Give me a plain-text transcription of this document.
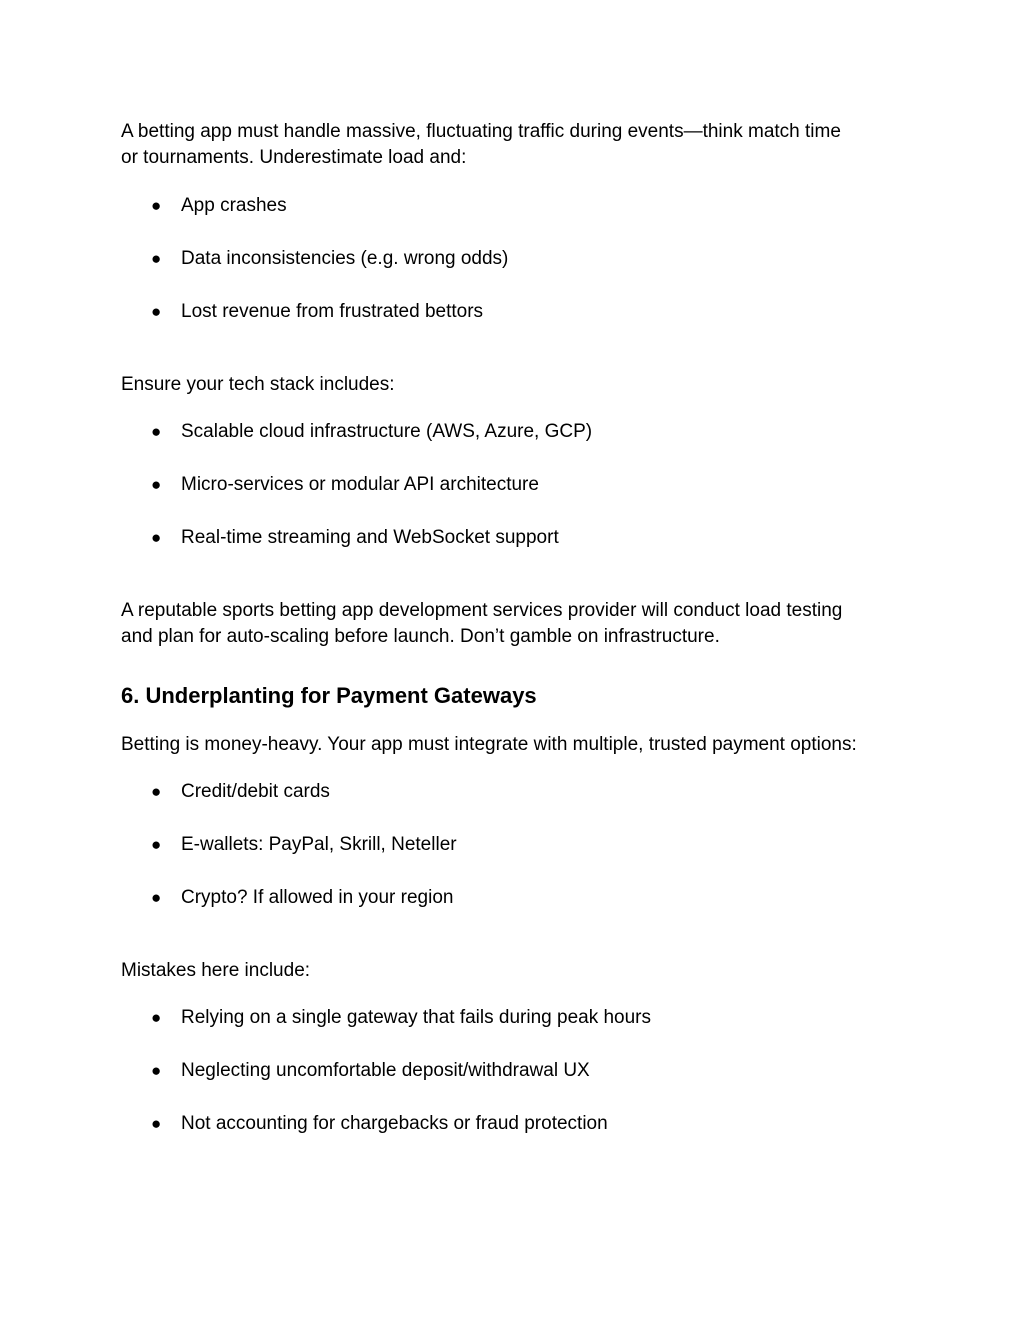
A betting app must handle massive, fluctuating traffic during events—think match time
or tournaments. Underestimate load and:

● App crashes
● Data inconsistencies (e.g. wrong odds)
● Lost revenue from frustrated bettors

Ensure your tech stack includes:

● Scalable cloud infrastructure (AWS, Azure, GCP)
● Micro-services or modular API architecture
● Real-time streaming and WebSocket support

A reputable sports betting app development services provider will conduct load testing
and plan for auto-scaling before launch. Don’t gamble on infrastructure.

6. Underplanting for Payment Gateways

Betting is money-heavy. Your app must integrate with multiple, trusted payment options:

● Credit/debit cards
● E-wallets: PayPal, Skrill, Neteller
● Crypto? If allowed in your region

Mistakes here include:

● Relying on a single gateway that fails during peak hours
● Neglecting uncomfortable deposit/withdrawal UX
● Not accounting for chargebacks or fraud protection
